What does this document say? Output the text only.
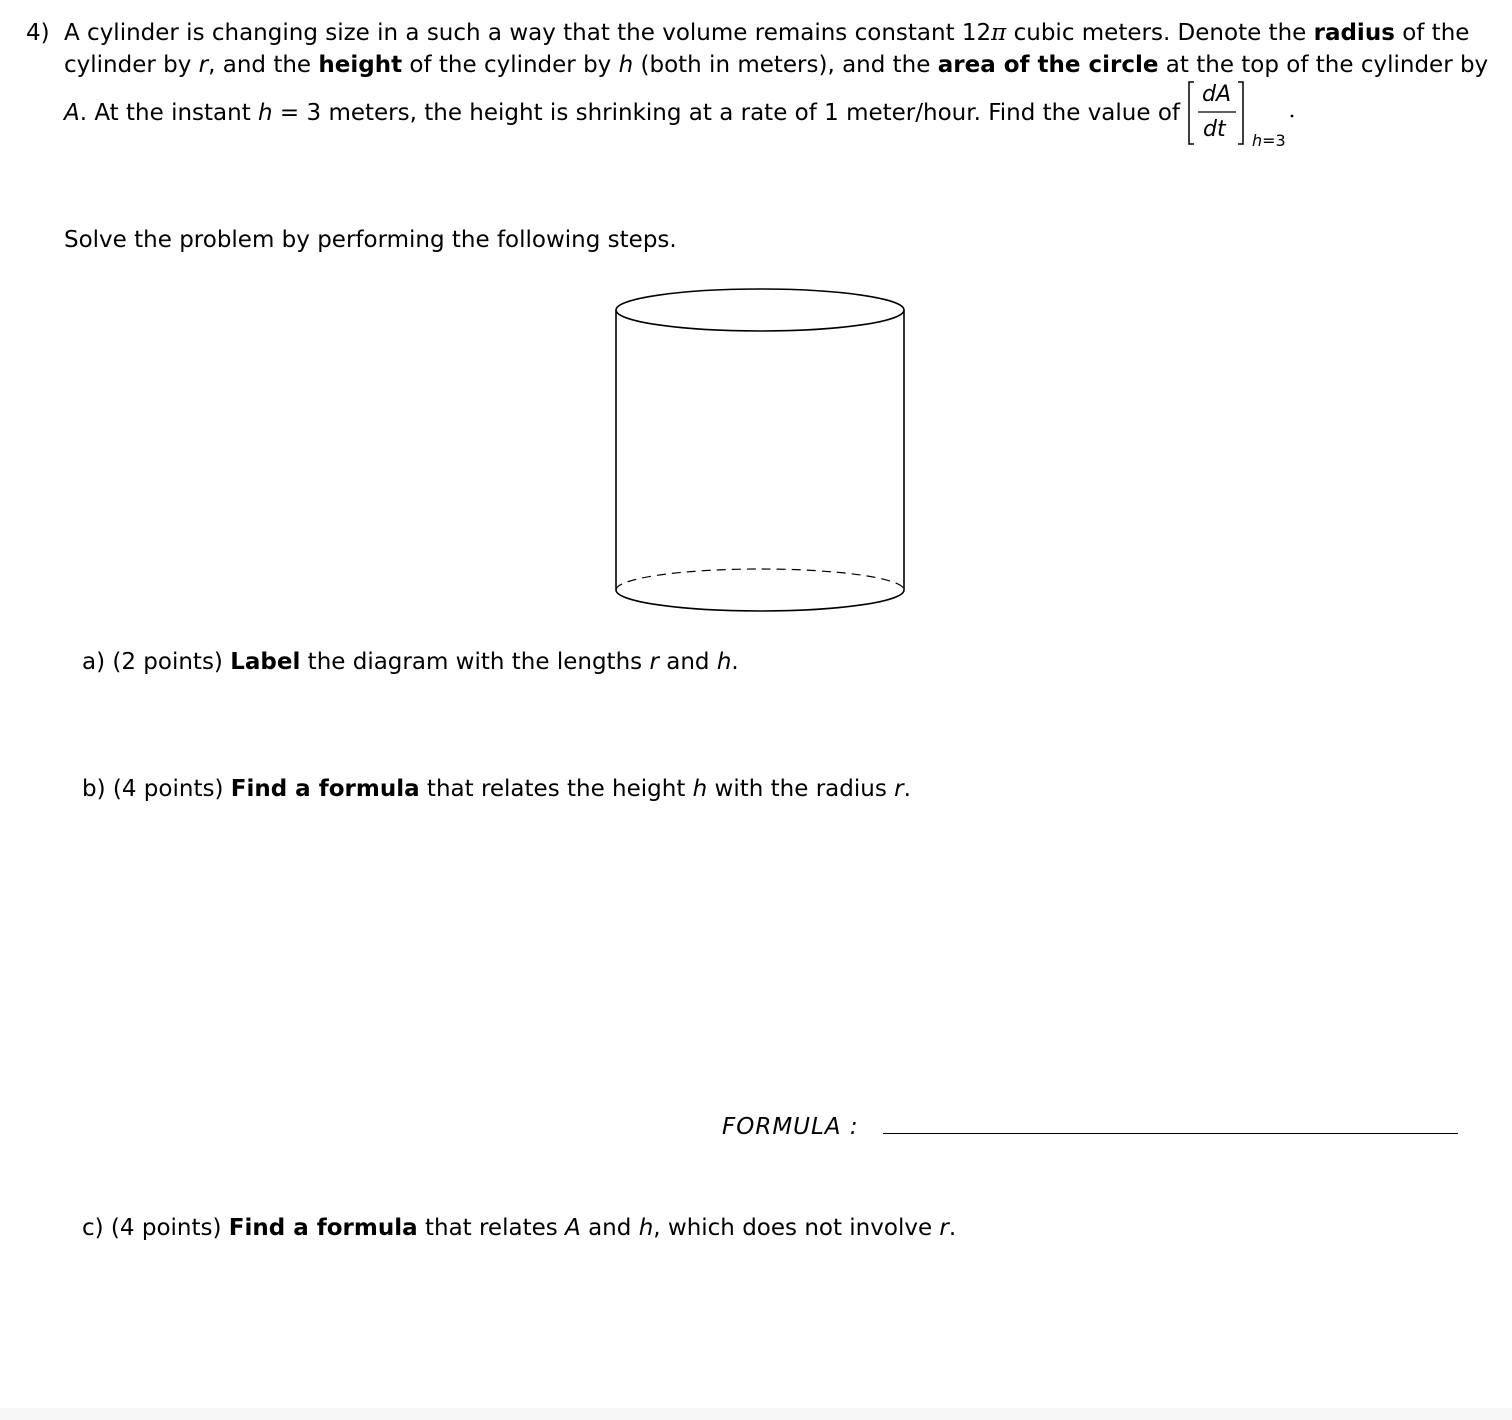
4) A cylinder is changing size in a such a way that the volume remains constant 12π cubic meters. Denote the radius of the
cylinder by r, and the height of the cylinder by h (both in meters), and the area of the circle at the top of the cylinder by
A. At the instant h = 3 meters, the height is shrinking at a rate of 1 meter/hour. Find the value of
dA
dt h=3
Solve the problem by performing the following steps.
a) (2 points) Label the diagram with the lengths r and h.
b) (4 points) Find a formula that relates the height h with the radius r.
FORMULA :
c) (4 points) Find a formula that relates A and h, which does not involve r.
